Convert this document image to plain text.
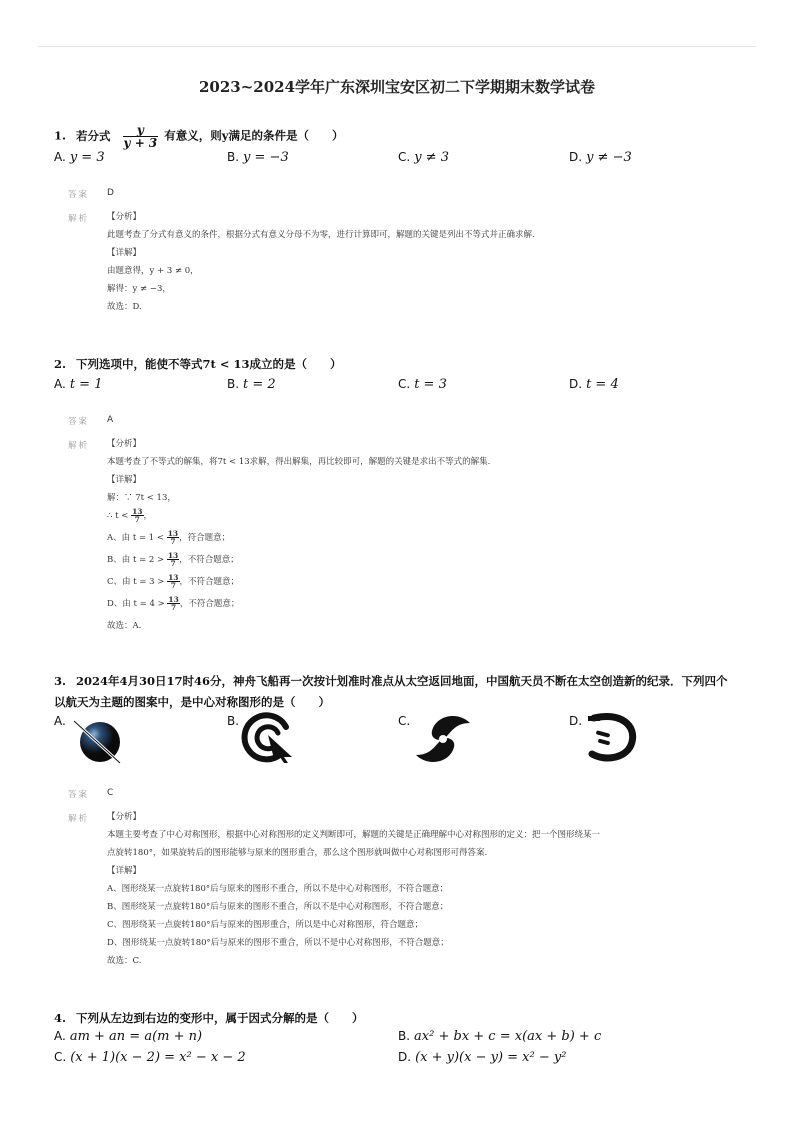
2023~2024学年广东深圳宝安区初二下学期期末数学试卷
1. 若分式 $\frac{y}{y + 3}$ 有意义，则y满足的条件是（　　）
A. y = 3	B. y = −3	C. y ≠ 3	D. y ≠ −3
答案 D
解析 【分析】
此题考查了分式有意义的条件，根据分式有意义分母不为零，进行计算即可，解题的关键是列出不等式并正确求解.
【详解】
由题意得，y + 3 ≠ 0，
解得：y ≠ −3，
故选：D.
2. 下列选项中，能使不等式7t < 13成立的是（　　）
A. t = 1	B. t = 2	C. t = 3	D. t = 4
答案 A
解析 【分析】
本题考查了不等式的解集，将7t < 13求解，得出解集，再比较即可，解题的关键是求出不等式的解集.
【详解】
解：∵ 7t < 13，
∴ $t < \frac{13}{7}$ ，
A、由 $t = 1 < \frac{13}{7}$ ，符合题意；
B、由 $t = 2 > \frac{13}{7}$ ，不符合题意；
C、由 $t = 3 > \frac{13}{7}$ ，不符合题意；
D、由 $t = 4 > \frac{13}{7}$ ，不符合题意；
故选：A.
3. 2024年4月30日17时46分，神舟飞船再一次按计划准时准点从太空返回地面，中国航天员不断在太空创造新的纪录．下列四个
以航天为主题的图案中，是中心对称图形的是（　　）
A.	B.	C.	D.
答案 C
解析 【分析】
本题主要考查了中心对称图形，根据中心对称图形的定义判断即可，解题的关键是正确理解中心对称图形的定义：把一个图形绕某一
点旋转180°，如果旋转后的图形能够与原来的图形重合，那么这个图形就叫做中心对称图形可得答案.
【详解】
A、图形绕某一点旋转180°后与原来的图形不重合，所以不是中心对称图形，不符合题意；
B、图形绕某一点旋转180°后与原来的图形不重合，所以不是中心对称图形，不符合题意；
C、图形绕某一点旋转180°后与原来的图形重合，所以是中心对称图形，符合题意；
D、图形绕某一点旋转180°后与原来的图形不重合，所以不是中心对称图形，不符合题意；
故选：C.
4. 下列从左边到右边的变形中，属于因式分解的是（　　）
A. am + an = a(m + n)	B. ax² + bx + c = x(ax + b) + c
C. (x + 1)(x − 2) = x² − x − 2	D. (x + y)(x − y) = x² − y²
